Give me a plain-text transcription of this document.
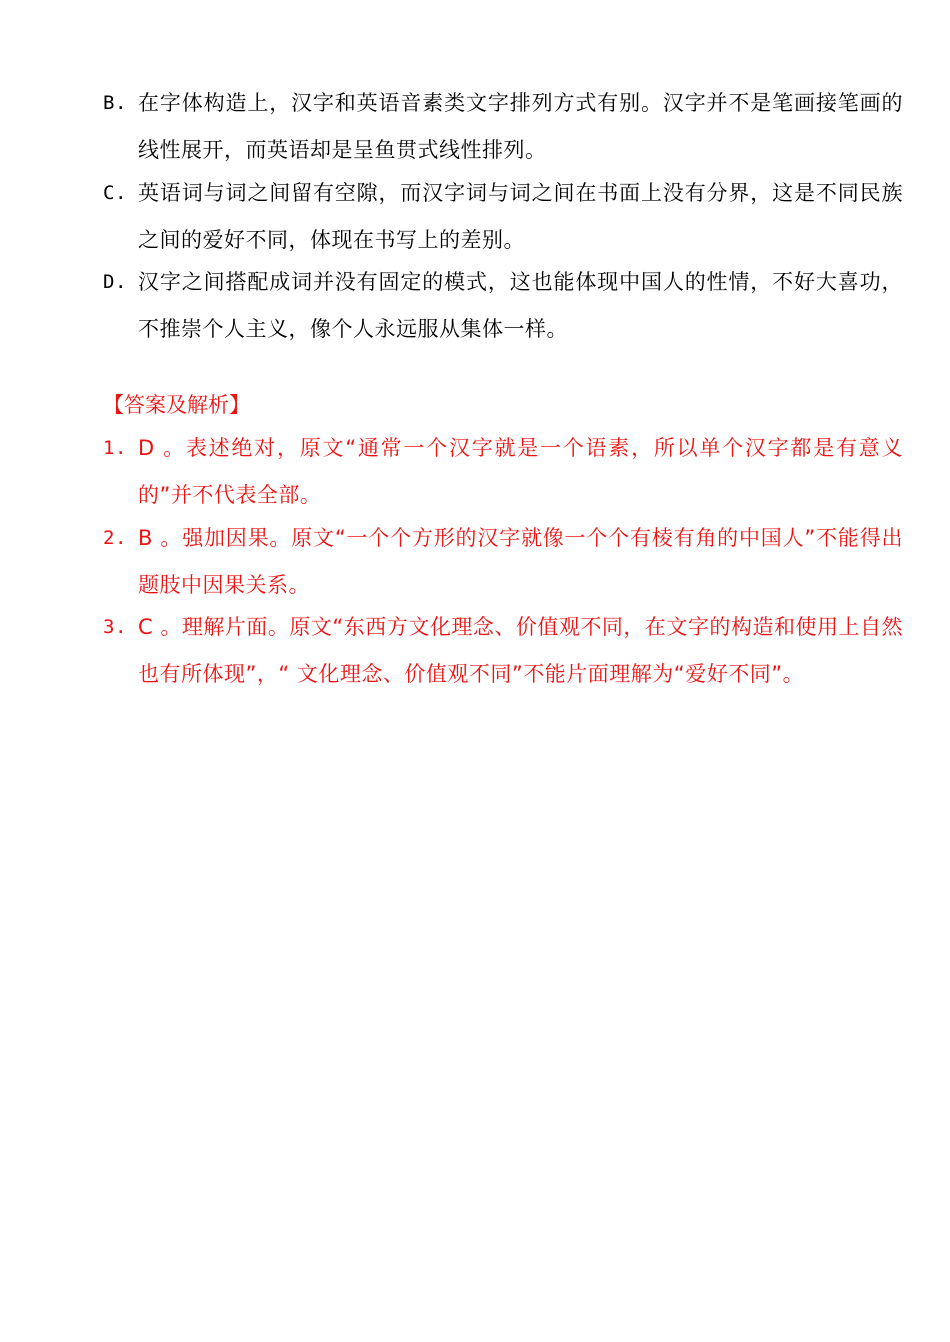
B. 在字体构造上，汉字和英语音素类文字排列方式有别。汉字并不是笔画接笔画的线性展开，而英语却是呈鱼贯式线性排列。
C. 英语词与词之间留有空隙，而汉字词与词之间在书面上没有分界，这是不同民族之间的爱好不同，体现在书写上的差别。
D. 汉字之间搭配成词并没有固定的模式，这也能体现中国人的性情，不好大喜功，不推崇个人主义，像个人永远服从集体一样。
【答案及解析】
1. D 。表述绝对，原文“通常一个汉字就是一个语素，所以单个汉字都是有意义的”并不代表全部。
2. B 。强加因果。原文“一个个方形的汉字就像一个个有棱有角的中国人”不能得出题肢中因果关系。
3. C 。理解片面。原文“东西方文化理念、价值观不同，在文字的构造和使用上自然也有所体现”，“ 文化理念、价值观不同”不能片面理解为“爱好不同”。
